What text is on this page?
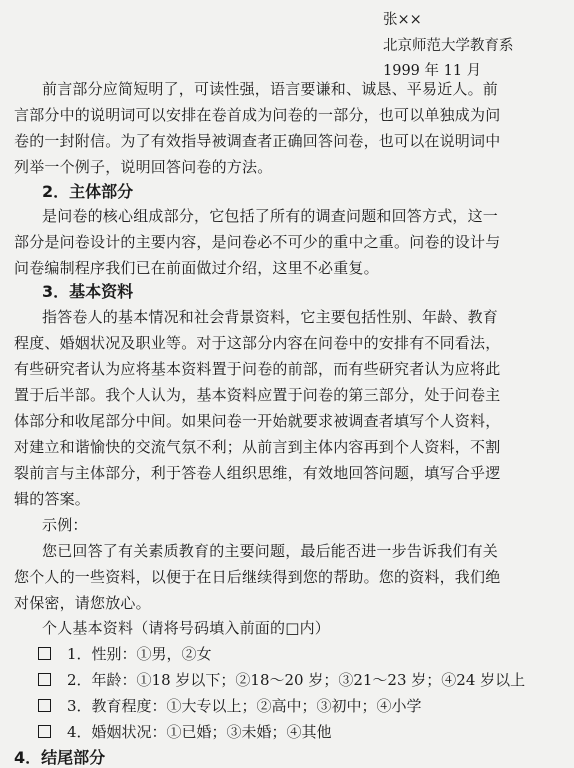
张××
北京师范大学教育系
1999 年 11 月
前言部分应简短明了，可读性强，语言要谦和、诚恳、平易近人。前
言部分中的说明词可以安排在卷首成为问卷的一部分，也可以单独成为问
卷的一封附信。为了有效指导被调查者正确回答问卷，也可以在说明词中
列举一个例子，说明回答问卷的方法。
2．主体部分
是问卷的核心组成部分，它包括了所有的调查问题和回答方式，这一
部分是问卷设计的主要内容，是问卷必不可少的重中之重。问卷的设计与
问卷编制程序我们已在前面做过介绍，这里不必重复。
3．基本资料
指答卷人的基本情况和社会背景资料，它主要包括性别、年龄、教育
程度、婚姻状况及职业等。对于这部分内容在问卷中的安排有不同看法，
有些研究者认为应将基本资料置于问卷的前部，而有些研究者认为应将此
置于后半部。我个人认为，基本资料应置于问卷的第三部分，处于问卷主
体部分和收尾部分中间。如果问卷一开始就要求被调查者填写个人资料，
对建立和谐愉快的交流气氛不利；从前言到主体内容再到个人资料，不割
裂前言与主体部分，利于答卷人组织思维，有效地回答问题，填写合乎逻
辑的答案。
示例：
您已回答了有关素质教育的主要问题，最后能否进一步告诉我们有关
您个人的一些资料，以便于在日后继续得到您的帮助。您的资料，我们绝
对保密，请您放心。
个人基本资料（请将号码填入前面的□内）
1．性别：①男，②女
2．年龄：①18 岁以下；②18～20 岁；③21～23 岁；④24 岁以上
3．教育程度：①大专以上；②高中；③初中；④小学
4．婚姻状况：①已婚；③未婚；④其他
4．结尾部分
